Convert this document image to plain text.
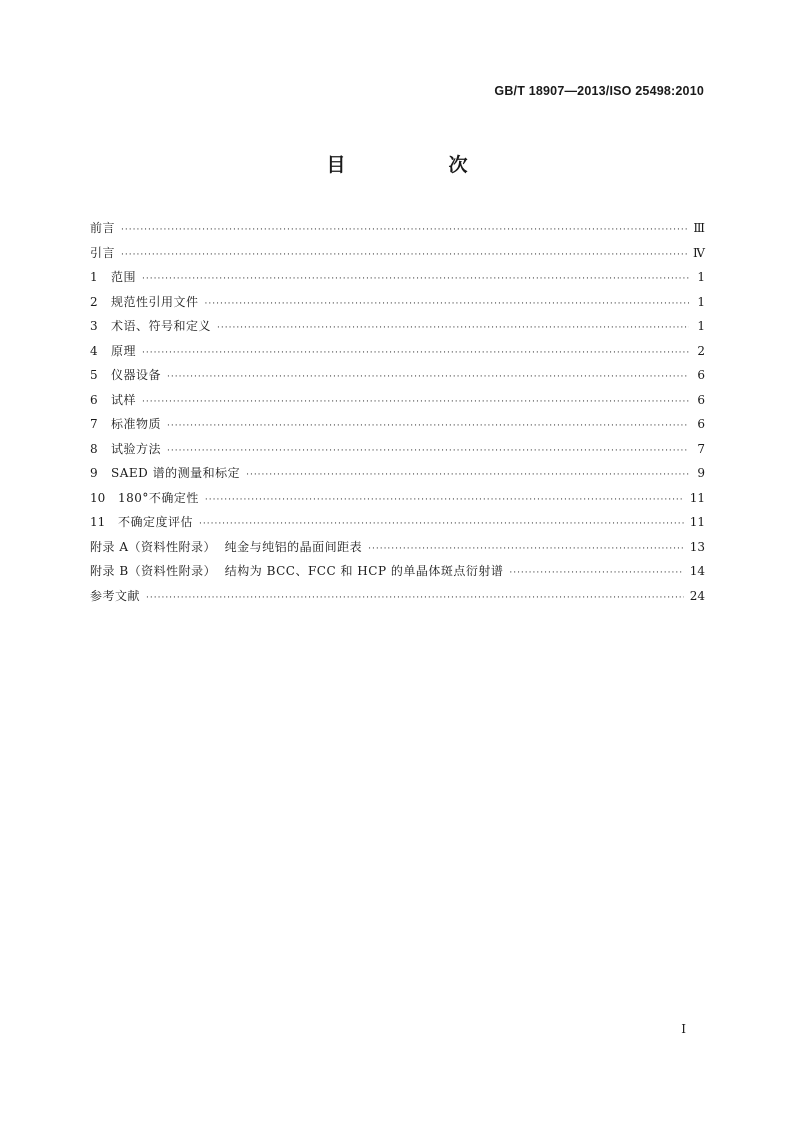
GB/T 18907—2013/ISO 25498:2010
目　次
前言 ·····	Ⅲ
引言 ·····	Ⅳ
1	范围 ·····	1
2	规范性引用文件 ·····	1
3	术语、符号和定义 ·····	1
4	原理 ·····	2
5	仪器设备 ·····	6
6	试样 ·····	6
7	标准物质 ·····	6
8	试验方法 ·····	7
9	SAED 谱的测量和标定 ·····	9
10	180°不确定性 ·····	11
11	不确定度评估 ·····	11
附录 A（资料性附录）  纯金与纯铝的晶面间距表 ·····	13
附录 B（资料性附录）  结构为 BCC、FCC 和 HCP 的单晶体斑点衍射谱 ·····	14
参考文献 ·····	24
Ⅰ
